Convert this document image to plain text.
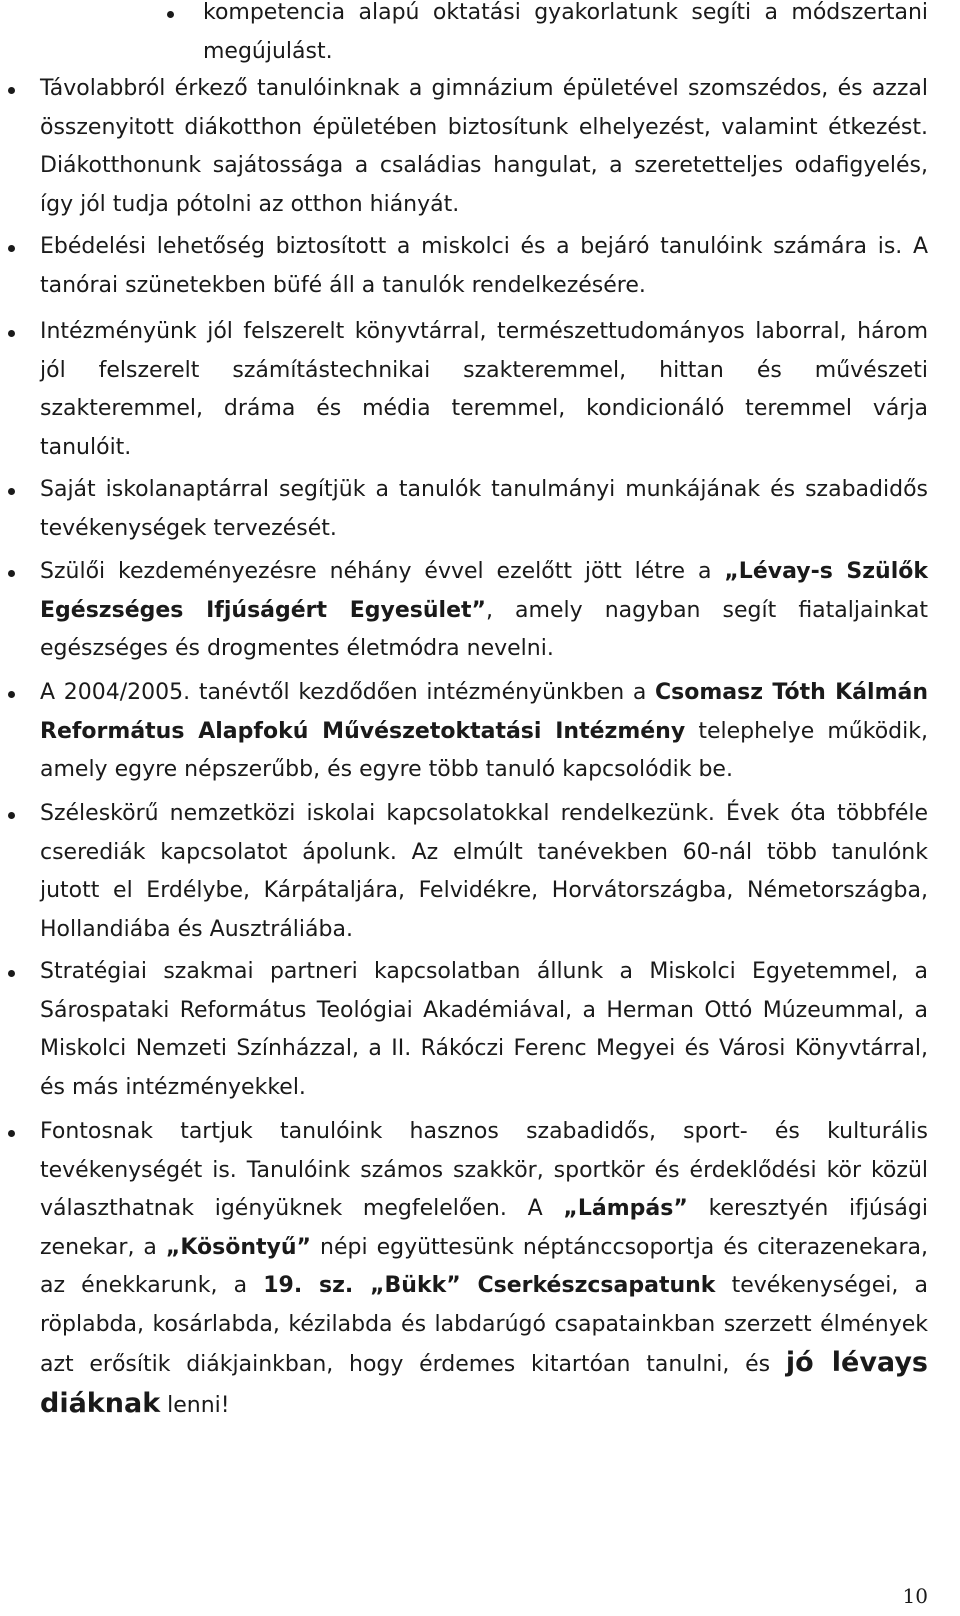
kompetencia alapú oktatási gyakorlatunk segíti a módszertani megújulást.

Távolabbról érkező tanulóinknak a gimnázium épületével szomszédos, és azzal összenyitott diákotthon épületében biztosítunk elhelyezést, valamint étkezést. Diákotthonunk sajátossága a családias hangulat, a szeretetteljes odafigyelés, így jól tudja pótolni az otthon hiányát.

Ebédelési lehetőség biztosított a miskolci és a bejáró tanulóink számára is. A tanórai szünetekben büfé áll a tanulók rendelkezésére.

Intézményünk jól felszerelt könyvtárral, természettudományos laborral, három jól felszerelt számítástechnikai szakteremmel, hittan és művészeti szakteremmel, dráma és média teremmel, kondicionáló teremmel várja tanulóit.

Saját iskolanaptárral segítjük a tanulók tanulmányi munkájának és szabadidős tevékenységek tervezését.

Szülői kezdeményezésre néhány évvel ezelőtt jött létre a „Lévay-s Szülők Egészséges Ifjúságért Egyesület”, amely nagyban segít fiataljainkat egészséges és drogmentes életmódra nevelni.

A 2004/2005. tanévtől kezdődően intézményünkben a Csomasz Tóth Kálmán Református Alapfokú Művészetoktatási Intézmény telephelye működik, amely egyre népszerűbb, és egyre több tanuló kapcsolódik be.

Széleskörű nemzetközi iskolai kapcsolatokkal rendelkezünk. Évek óta többféle cserediák kapcsolatot ápolunk. Az elmúlt tanévekben 60-nál több tanulónk jutott el Erdélybe, Kárpátaljára, Felvidékre, Horvátországba, Németországba, Hollandiába és Ausztráliába.

Stratégiai szakmai partneri kapcsolatban állunk a Miskolci Egyetemmel, a Sárospataki Református Teológiai Akadémiával, a Herman Ottó Múzeummal, a Miskolci Nemzeti Színházzal, a II. Rákóczi Ferenc Megyei és Városi Könyvtárral, és más intézményekkel.

Fontosnak tartjuk tanulóink hasznos szabadidős, sport- és kulturális tevékenységét is. Tanulóink számos szakkör, sportkör és érdeklődési kör közül választhatnak igényüknek megfelelően. A „Lámpás” keresztyén ifjúsági zenekar, a „Kösöntyű” népi együttesünk néptánccsoportja és citerazenekara, az énekkarunk, a 19. sz. „Bükk” Cserkészcsapatunk tevékenységei, a röplabda, kosárlabda, kézilabda és labdarúgó csapatainkban szerzett élmények azt erősítik diákjainkban, hogy érdemes kitartóan tanulni, és jó lévays diáknak lenni!

10
